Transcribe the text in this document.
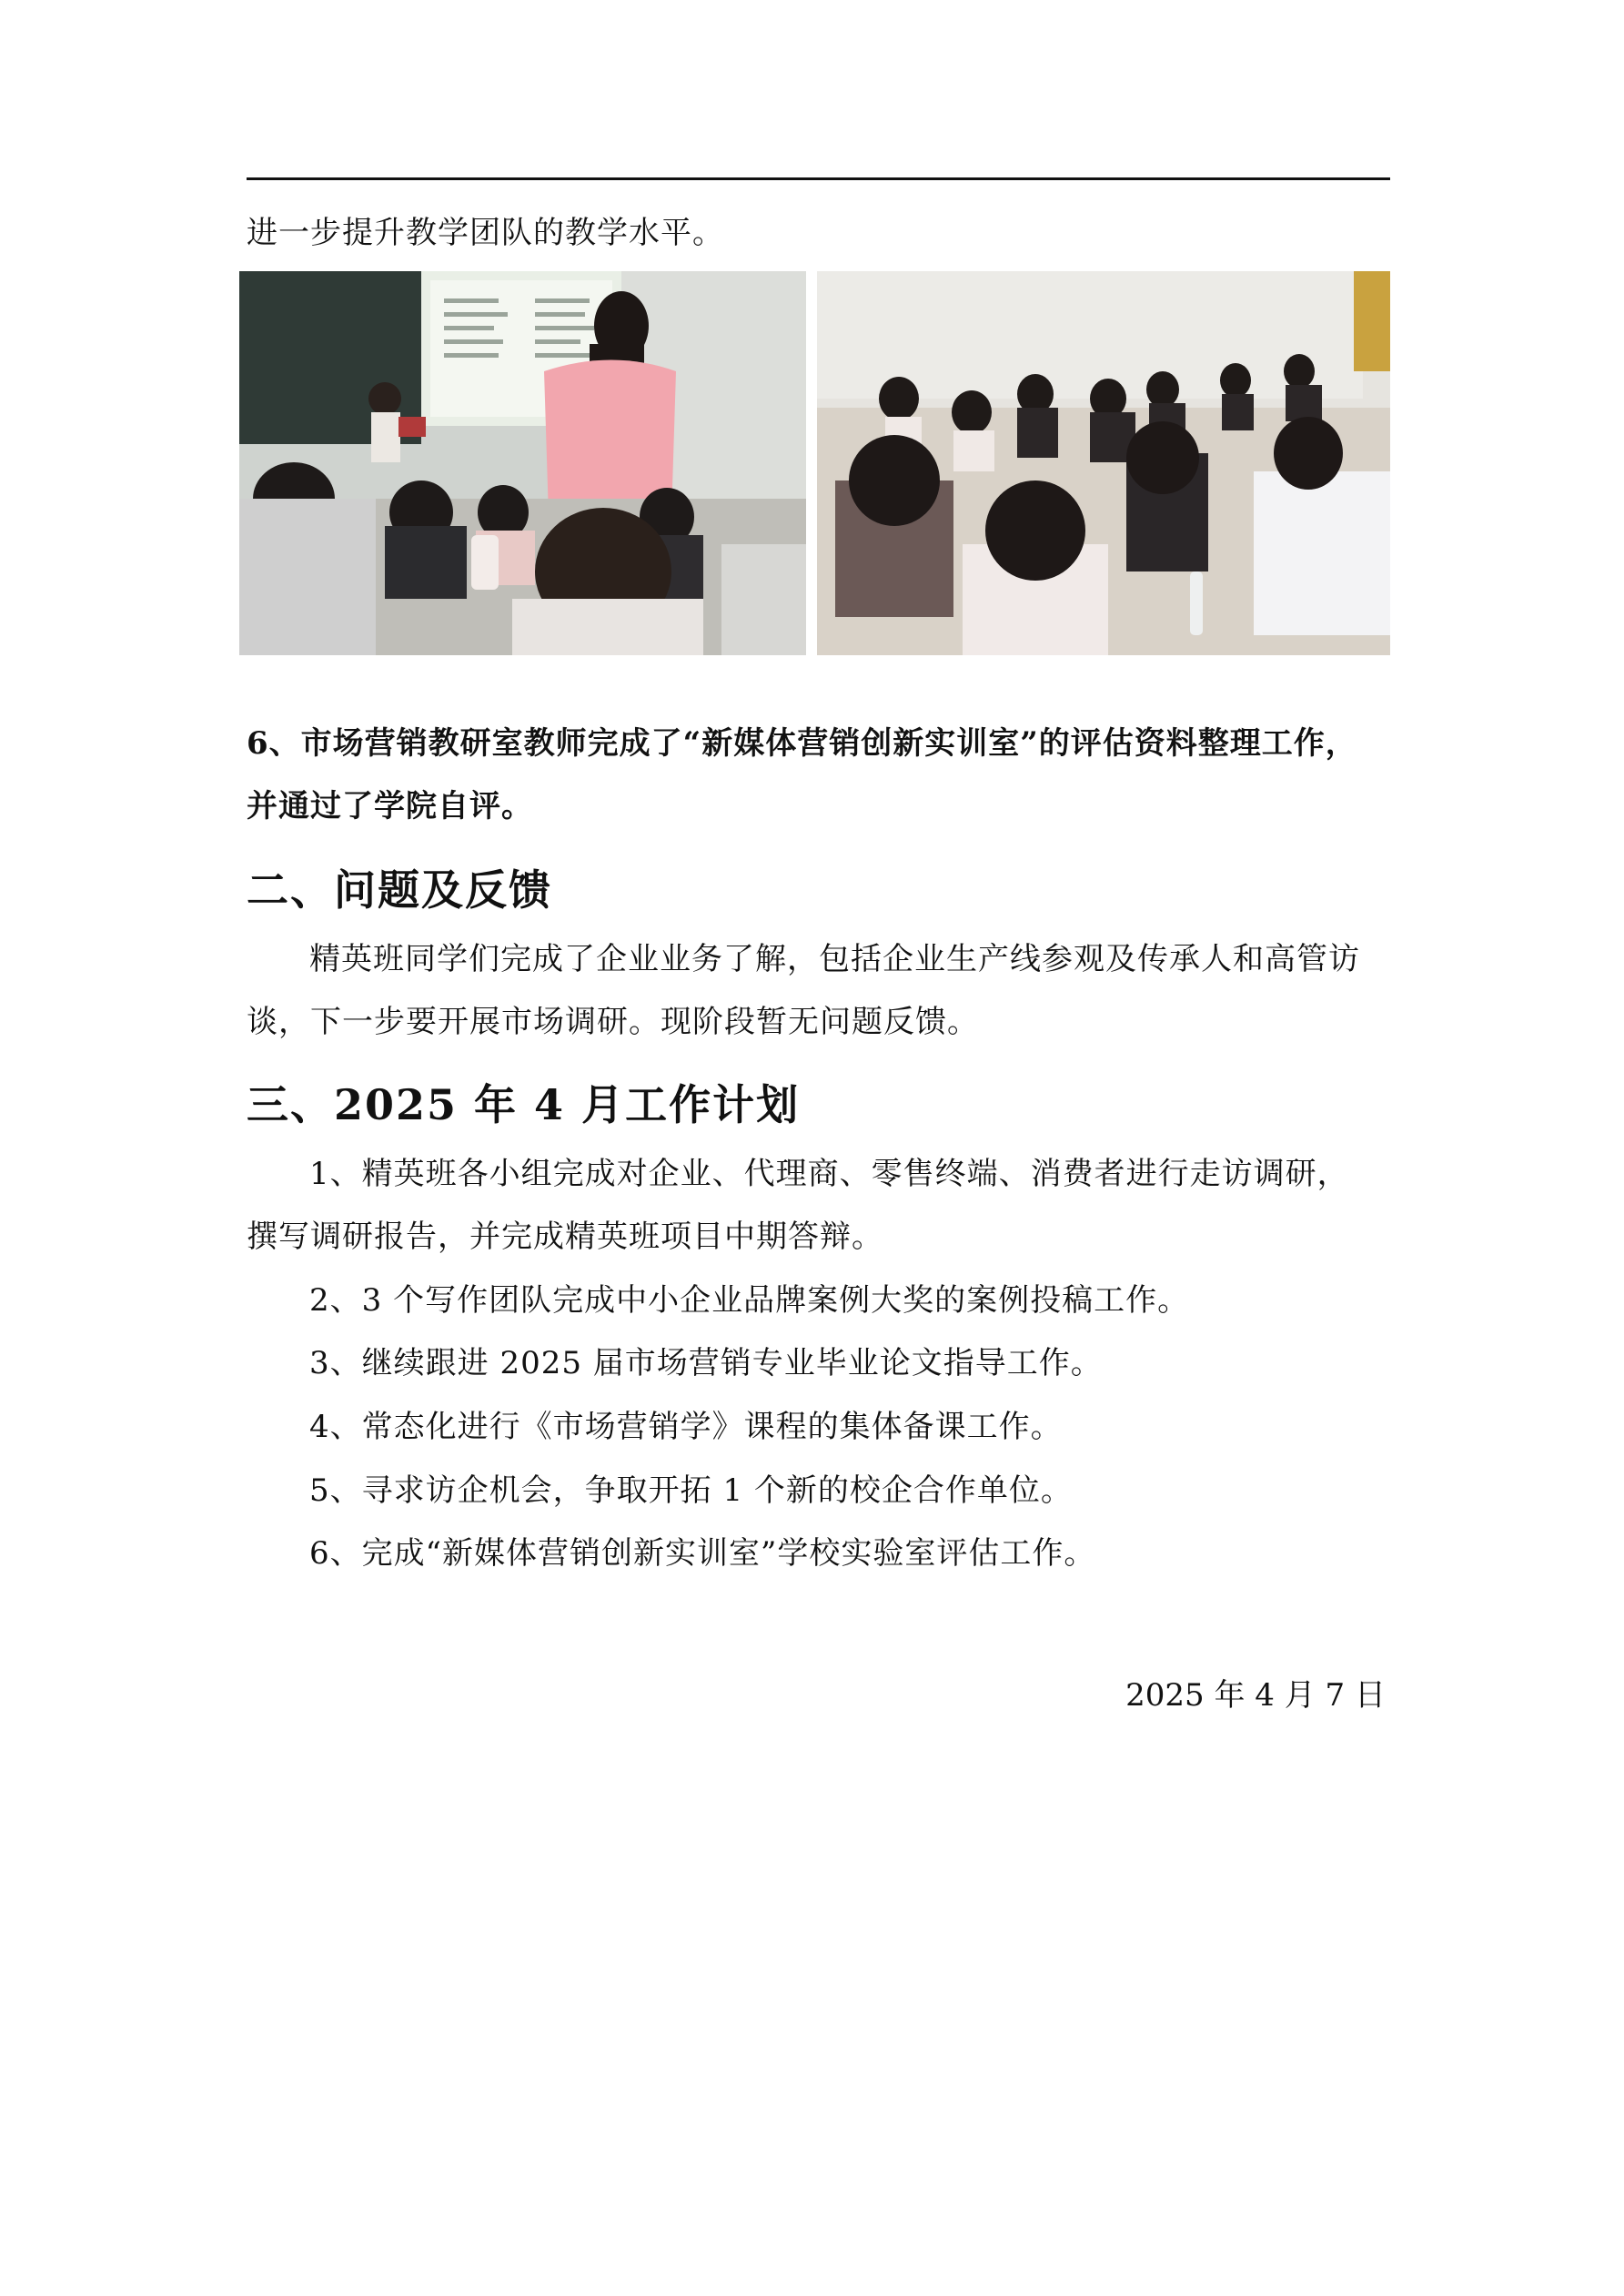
进一步提升教学团队的教学水平。
6、市场营销教研室教师完成了“新媒体营销创新实训室”的评估资料整理工作，
并通过了学院自评。
二、问题及反馈
精英班同学们完成了企业业务了解，包括企业生产线参观及传承人和高管访
谈，下一步要开展市场调研。现阶段暂无问题反馈。
三、2025 年 4 月工作计划
1、精英班各小组完成对企业、代理商、零售终端、消费者进行走访调研，
撰写调研报告，并完成精英班项目中期答辩。
2、3 个写作团队完成中小企业品牌案例大奖的案例投稿工作。
3、继续跟进 2025 届市场营销专业毕业论文指导工作。
4、常态化进行《市场营销学》课程的集体备课工作。
5、寻求访企机会，争取开拓 1 个新的校企合作单位。
6、完成“新媒体营销创新实训室”学校实验室评估工作。
2025 年 4 月 7 日
